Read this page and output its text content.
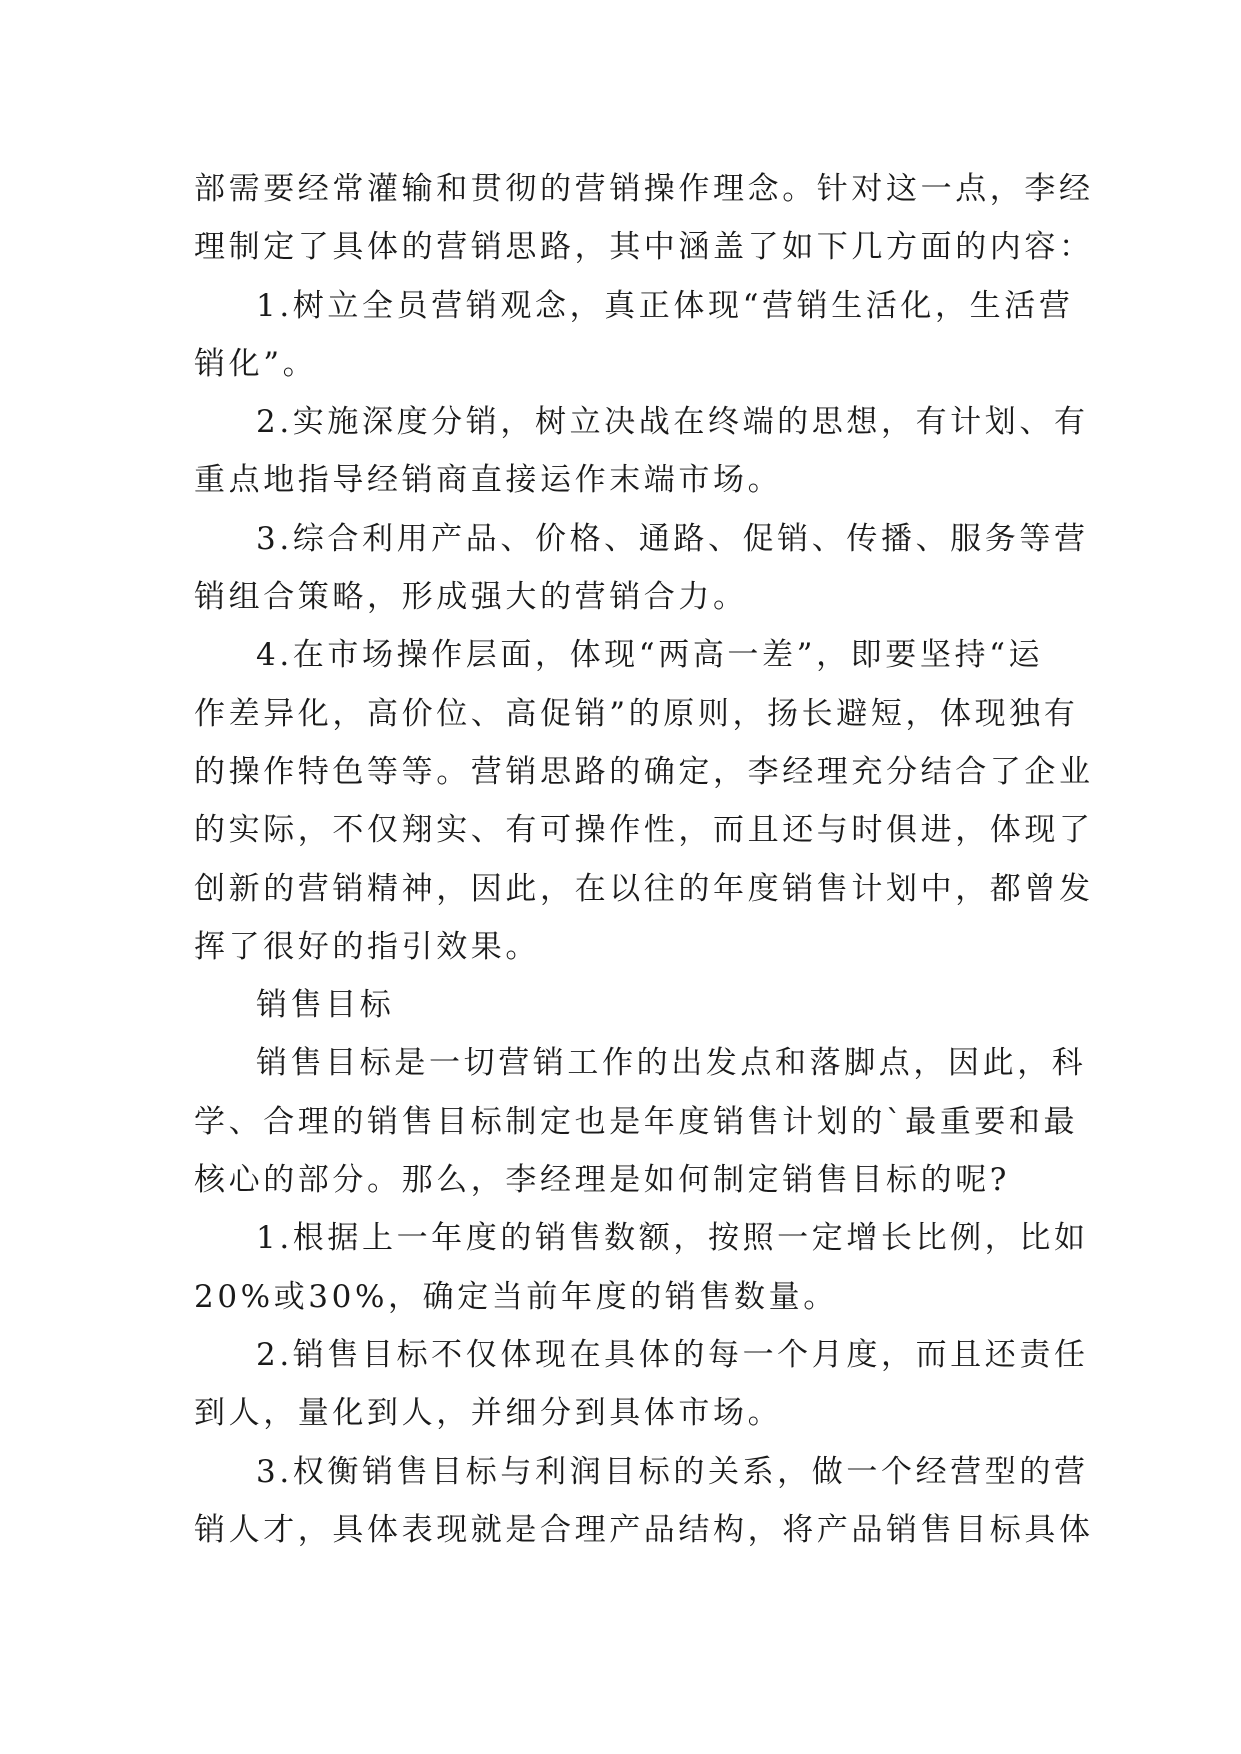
部需要经常灌输和贯彻的营销操作理念。针对这一点，李经
理制定了具体的营销思路，其中涵盖了如下几方面的内容：
1.树立全员营销观念，真正体现“营销生活化，生活营
销化”。
2.实施深度分销，树立决战在终端的思想，有计划、有
重点地指导经销商直接运作末端市场。
3.综合利用产品、价格、通路、促销、传播、服务等营
销组合策略，形成强大的营销合力。
4.在市场操作层面，体现“两高一差”，即要坚持“运
作差异化，高价位、高促销”的原则，扬长避短，体现独有
的操作特色等等。营销思路的确定，李经理充分结合了企业
的实际，不仅翔实、有可操作性，而且还与时俱进，体现了
创新的营销精神，因此，在以往的年度销售计划中，都曾发
挥了很好的指引效果。
销售目标
销售目标是一切营销工作的出发点和落脚点，因此，科
学、合理的销售目标制定也是年度销售计划的`最重要和最
核心的部分。那么，李经理是如何制定销售目标的呢?
1.根据上一年度的销售数额，按照一定增长比例，比如
20%或30%，确定当前年度的销售数量。
2.销售目标不仅体现在具体的每一个月度，而且还责任
到人，量化到人，并细分到具体市场。
3.权衡销售目标与利润目标的关系，做一个经营型的营
销人才，具体表现就是合理产品结构，将产品销售目标具体
